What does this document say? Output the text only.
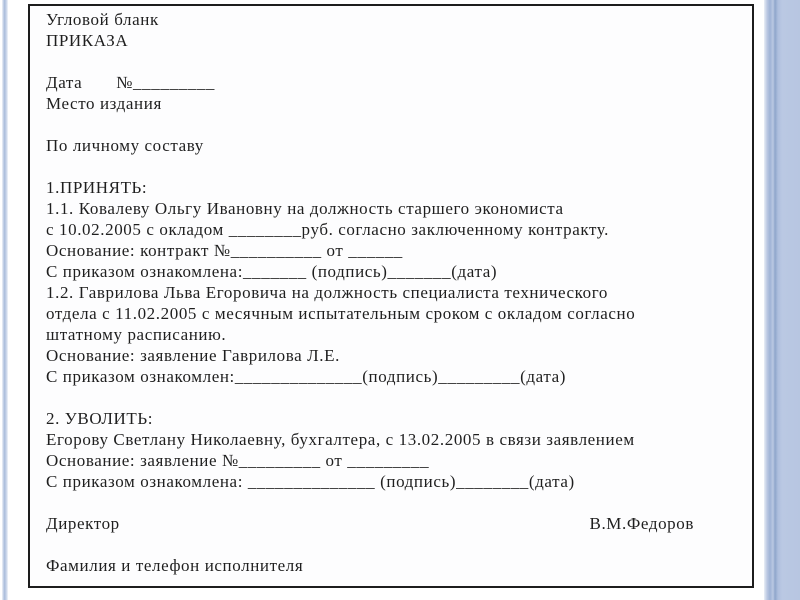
Угловой бланк
ПРИКАЗА
Дата       №_________
Место издания
По личному составу
1.ПРИНЯТЬ:
1.1. Ковалеву Ольгу Ивановну на должность старшего экономиста
с 10.02.2005 с окладом ________руб. согласно заключенному контракту.
Основание: контракт №__________ от ______
С приказом ознакомлена:_______ (подпись)_______(дата)
1.2. Гаврилова Льва Егоровича на должность специалиста технического
отдела с 11.02.2005 с месячным испытательным сроком с окладом согласно
штатному расписанию.
Основание: заявление Гаврилова Л.Е.
С приказом ознакомлен:______________(подпись)_________(дата)
2. УВОЛИТЬ:
Егорову Светлану Николаевну, бухгалтера, с 13.02.2005 в связи заявлением
Основание: заявление №_________ от _________
С приказом ознакомлена: ______________ (подпись)________(дата)
Директор	В.М.Федоров
Фамилия и телефон исполнителя
